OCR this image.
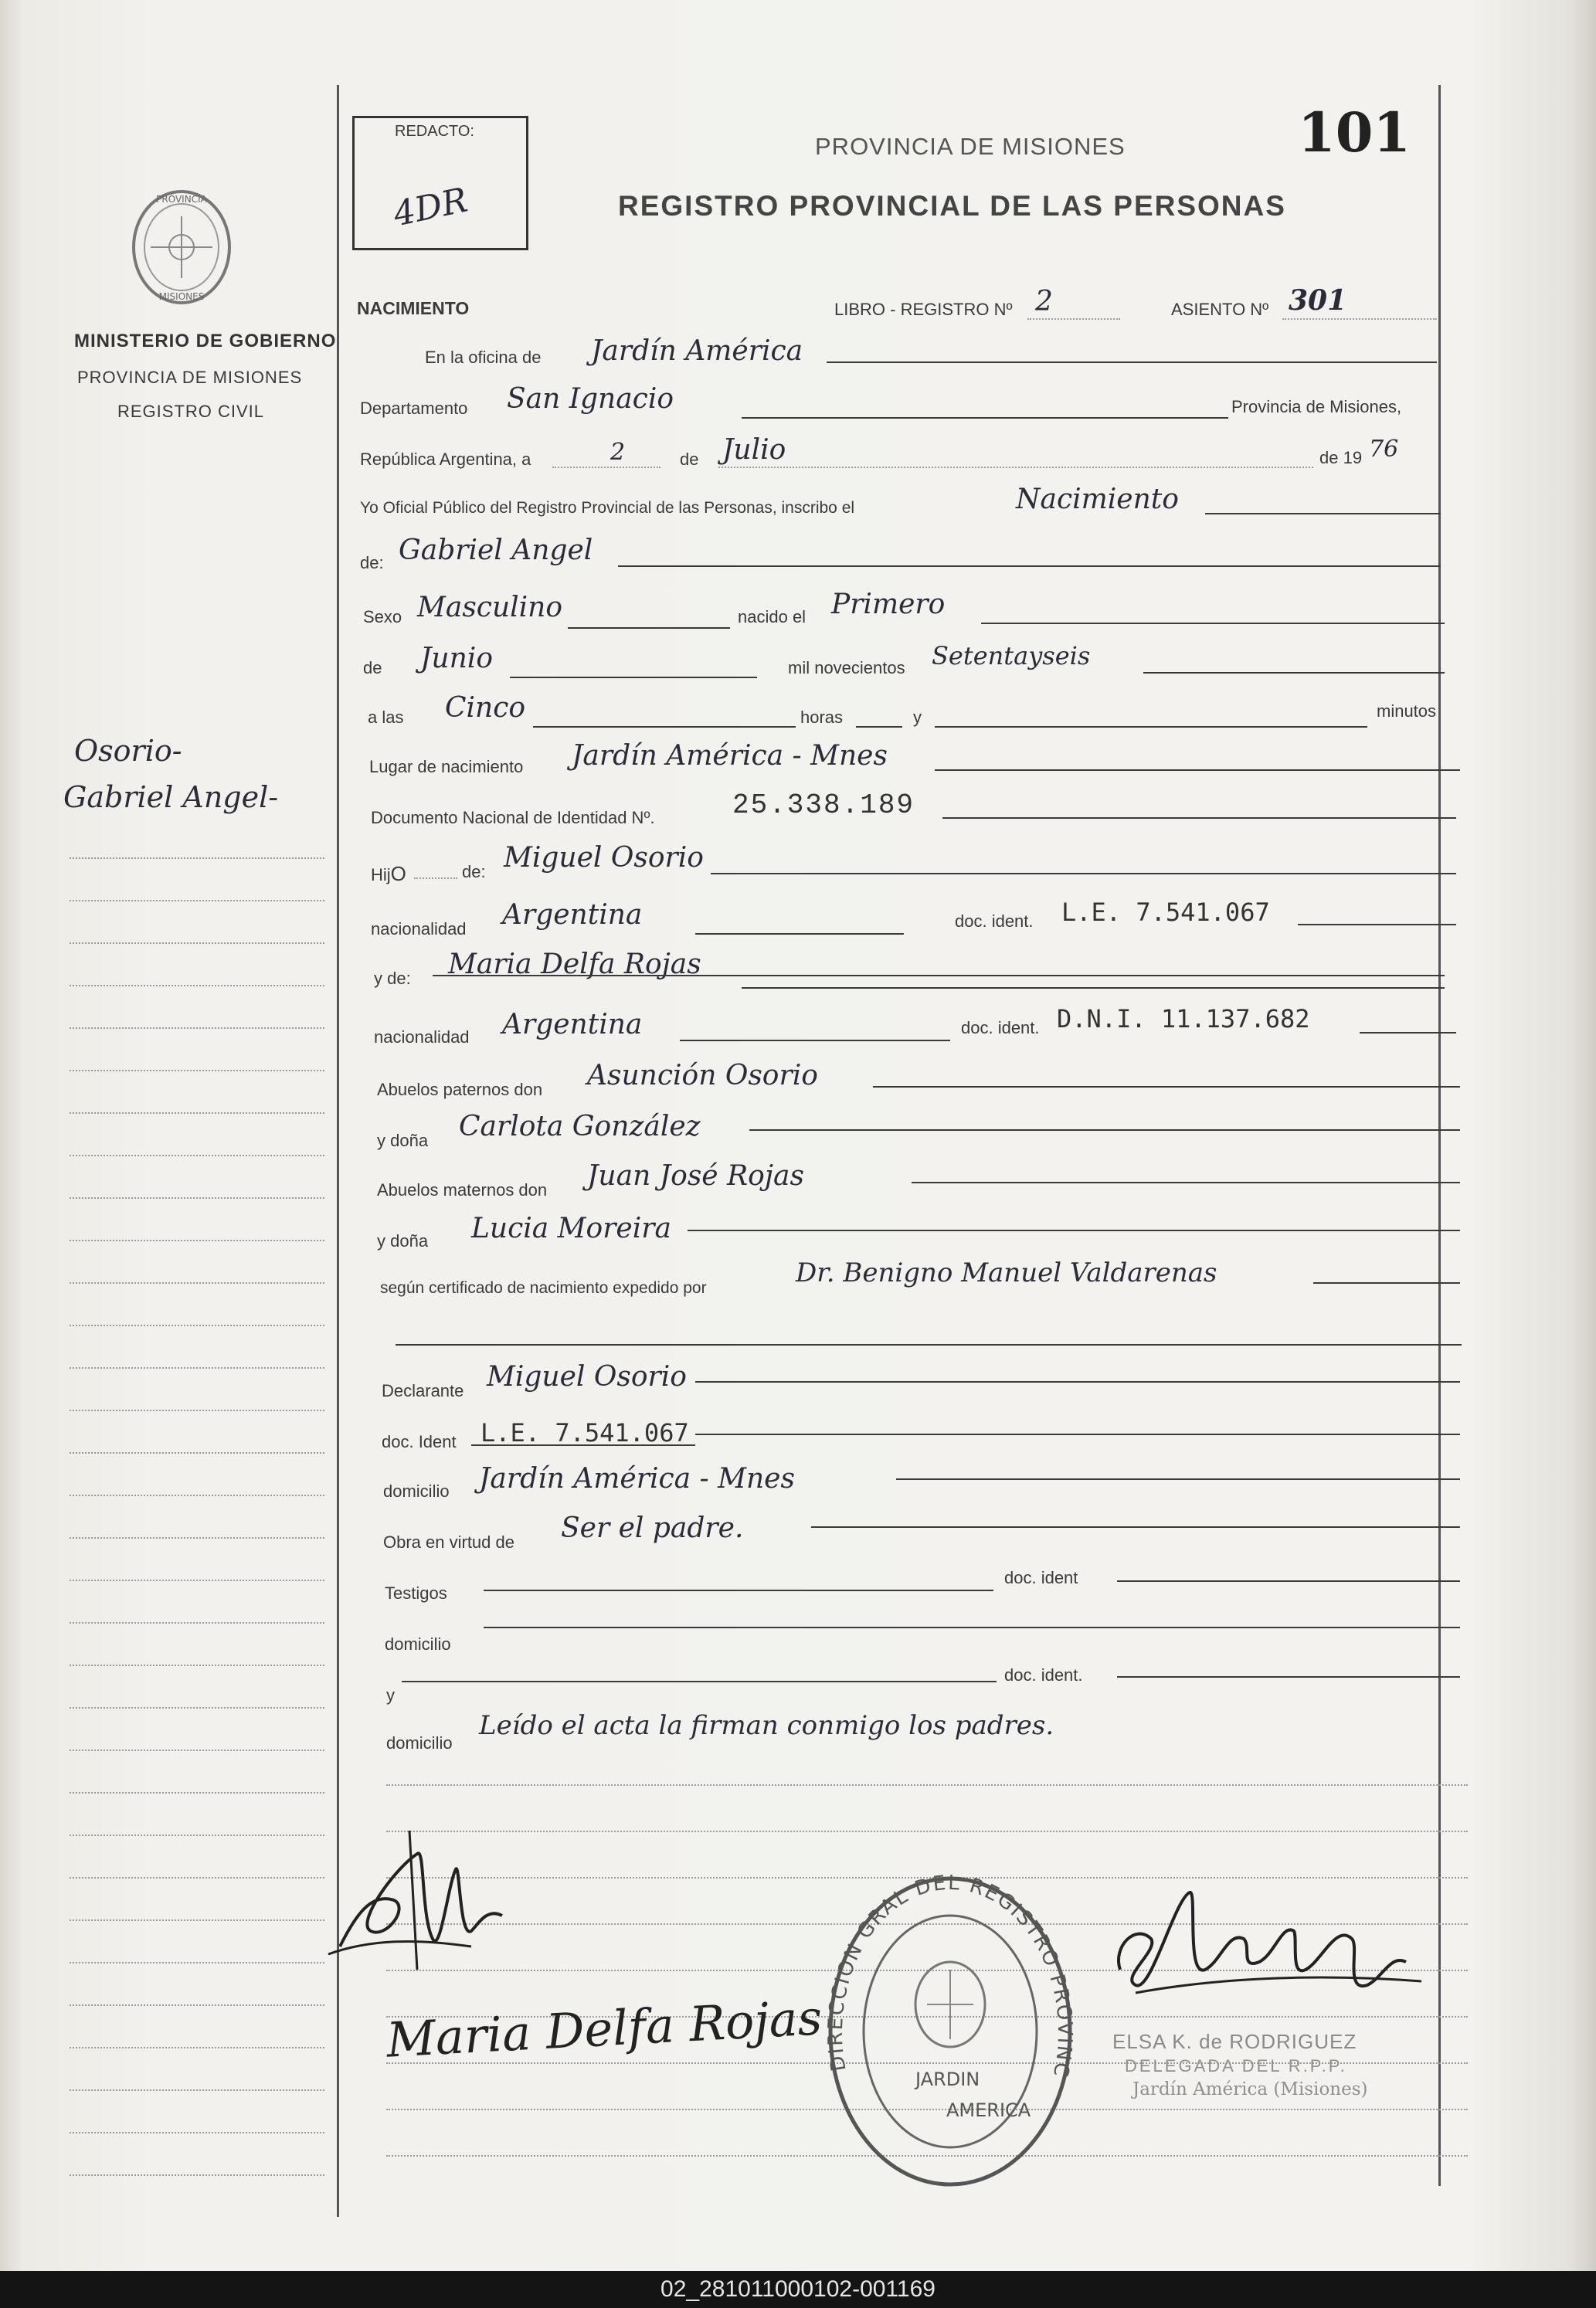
PROVINCIA
MISIONES
MINISTERIO DE GOBIERNO
PROVINCIA DE MISIONES
REGISTRO CIVIL
Osorio-
Gabriel Angel-
REDACTO:
4DR
PROVINCIA DE MISIONES
REGISTRO PROVINCIAL DE LAS PERSONAS
101
NACIMIENTO	LIBRO - REGISTRO Nº 2	ASIENTO Nº 301
En la oficina de Jardín América
Departamento San Ignacio	Provincia de Misiones,
República Argentina, a	2	de Julio	de 19 76
Yo Oficial Público del Registro Provincial de las Personas, inscribo el	Nacimiento
de: Gabriel Angel
Sexo Masculino	nacido el Primero
de Junio	mil novecientos Setentayseis
a las Cinco	horas	y	minutos
Lugar de nacimiento Jardín América - Mnes
Documento Nacional de Identidad Nº.	25.338.189
HijO	de: Miguel Osorio
nacionalidad Argentina	doc. ident. L.E. 7.541.067
y de: Maria Delfa Rojas
nacionalidad Argentina	doc. ident. D.N.I. 11.137.682
Abuelos paternos don Asunción Osorio
y doña Carlota González
Abuelos maternos don Juan José Rojas
y doña Lucia Moreira
según certificado de nacimiento expedido por	Dr. Benigno Manuel Valdarenas
Declarante Miguel Osorio
doc. Ident L.E. 7.541.067
domicilio Jardín América - Mnes
Obra en virtud de Ser el padre.
Testigos
doc. ident
domicilio
y
doc. ident.
domicilio
Leído el acta la firman conmigo los padres.
Maria Delfa Rojas DIRECCION GRAL DEL REGISTRO PROVINC
JARDIN
AMERICA
ELSA K. de RODRIGUEZ
DELEGADA DEL R.P.P.
Jardín América (Misiones)
02_281011000102-001169
